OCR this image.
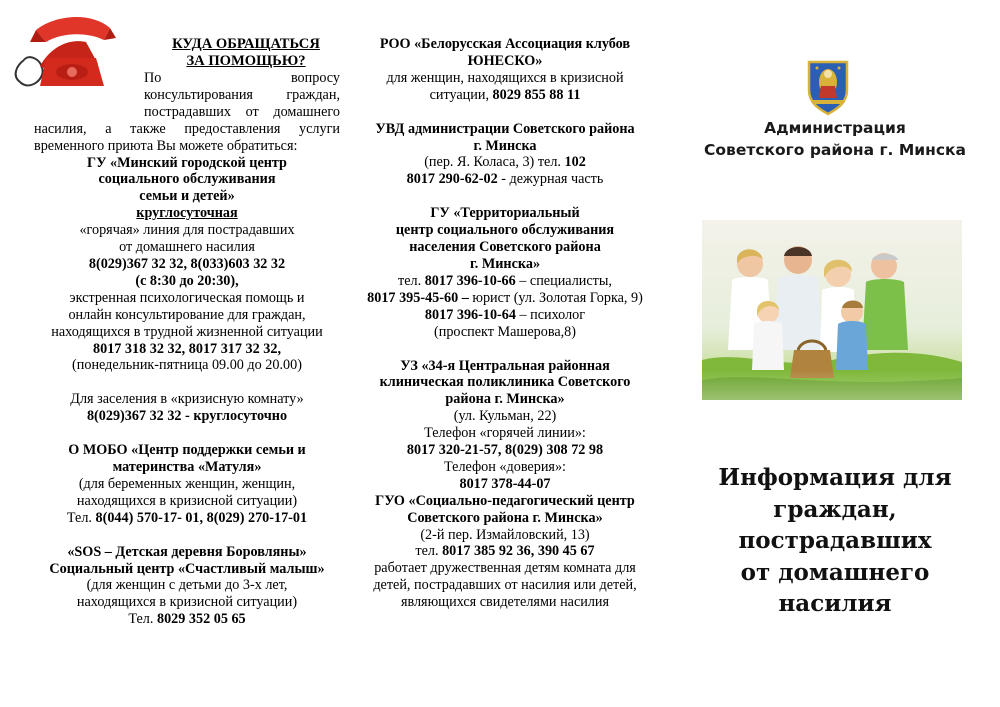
КУДА ОБРАЩАТЬСЯ

ЗА ПОМОЩЬЮ?

По	вопросу

консультирования граждан,

пострадавших от домашнего

насилия, а также предоставления услуги

временного приюта Вы можете обратиться:

ГУ «Минский городской центр

социального обслуживания

семьи и детей»

круглосуточная

«горячая» линия для пострадавших

от домашнего насилия

8(029)367 32 32, 8(033)603 32 32

(с 8:30 до 20:30),

экстренная психологическая помощь и

онлайн консультирование для граждан,

находящихся в трудной жизненной ситуации

8017 318 32 32, 8017 317 32 32,

(понедельник-пятница 09.00 до 20.00)

Для заселения в «кризисную комнату»

8(029)367 32 32 - круглосуточно

О МОБО «Центр поддержки семьи и

материнства «Матуля»

(для беременных женщин, женщин,

находящихся в кризисной ситуации)

Тел. 8(044) 570-17- 01, 8(029) 270-17-01

«SOS – Детская деревня Боровляны»

Социальный центр «Счастливый малыш»

(для женщин с детьми до 3-х лет,

находящихся в кризисной ситуации)

Тел. 8029 352 05 65

РОО «Белорусская Ассоциация клубов

ЮНЕСКО»

для женщин, находящихся в кризисной

ситуации, 8029 855 88 11

УВД администрации Советского района

г. Минска

(пер. Я. Коласа, 3) тел. 102

8017 290-62-02 - дежурная часть

ГУ «Территориальный

центр социального обслуживания

населения Советского района

г. Минска»

тел. 8017 396-10-66 – специалисты,

8017 395-45-60 – юрист (ул. Золотая Горка, 9)

8017 396-10-64 – психолог

(проспект Машерова,8)

УЗ «34-я Центральная районная

клиническая поликлиника Советского

района г. Минска»

(ул. Кульман, 22)

Телефон «горячей линии»:

8017 320-21-57, 8(029) 308 72 98

Телефон «доверия»:

8017 378-44-07

ГУО «Социально-педагогический центр

Советского района г. Минска»

(2-й пер. Измайловский, 13)

тел. 8017 385 92 36, 390 45 67

работает дружественная детям комната для

детей, пострадавших от насилия или детей,

являющихся свидетелями насилия

Администрация

Советского района г. Минска

Информация для

граждан,

пострадавших

от домашнего

насилия
